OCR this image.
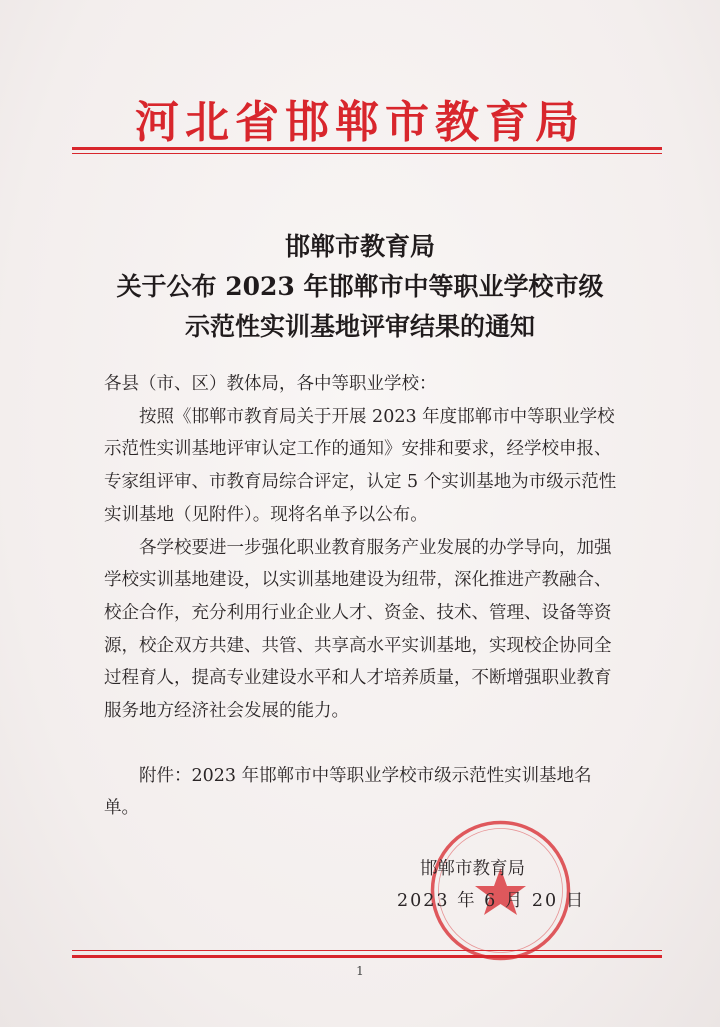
河北省邯郸市教育局
邯郸市教育局
关于公布 2023 年邯郸市中等职业学校市级
示范性实训基地评审结果的通知

各县（市、区）教体局，各中等职业学校：

按照《邯郸市教育局关于开展 2023 年度邯郸市中等职业学校示范性实训基地评审认定工作的通知》安排和要求，经学校申报、专家组评审、市教育局综合评定，认定 5 个实训基地为市级示范性实训基地（见附件）。现将名单予以公布。

各学校要进一步强化职业教育服务产业发展的办学导向，加强学校实训基地建设，以实训基地建设为纽带，深化推进产教融合、校企合作，充分利用行业企业人才、资金、技术、管理、设备等资源，校企双方共建、共管、共享高水平实训基地，实现校企协同全过程育人，提高专业建设水平和人才培养质量，不断增强职业教育服务地方经济社会发展的能力。

附件：2023 年邯郸市中等职业学校市级示范性实训基地名单。

邯郸市教育局
2023 年 6 月 20 日
1
